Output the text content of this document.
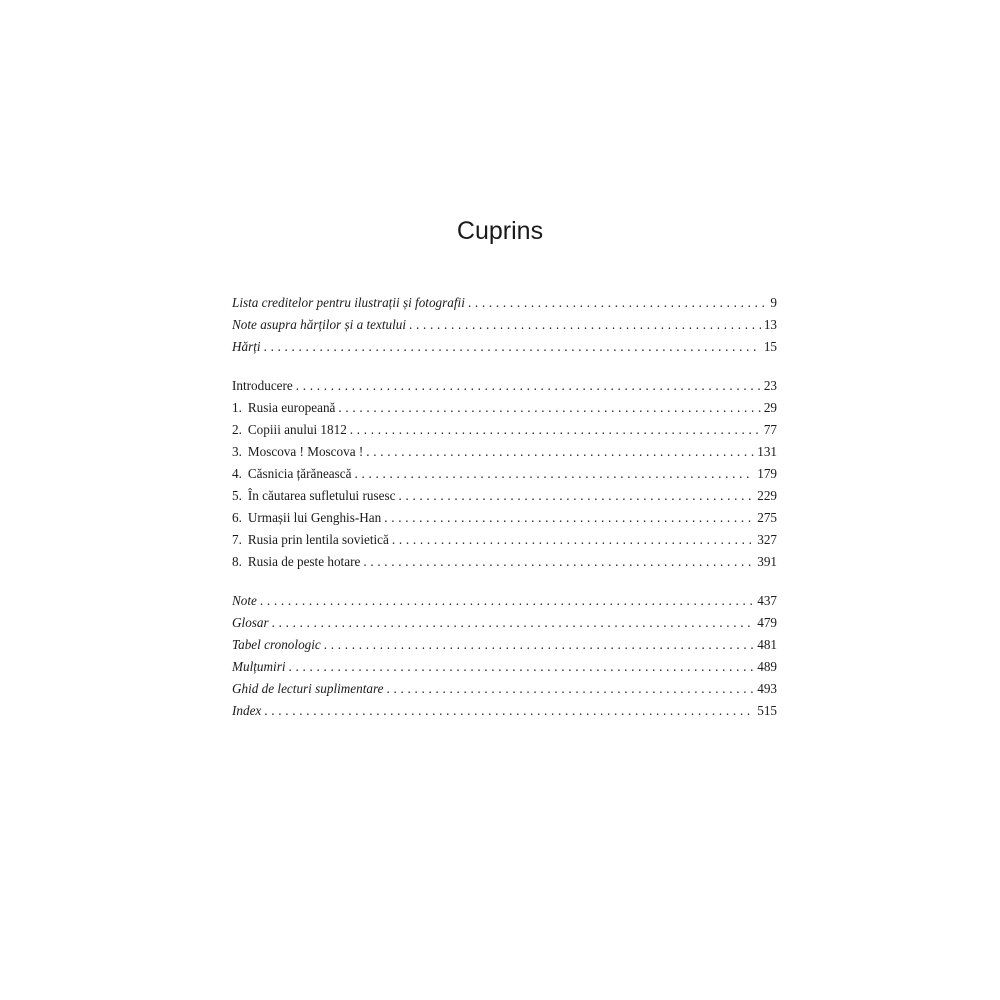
Cuprins
Lista creditelor pentru ilustrații și fotografii . . .	9
Note asupra hărților și a textului . . .	13
Hărți . . .	15
Introducere . . .	23
1. Rusia europeană . . .	29
2. Copiii anului 1812 . . .	77
3. Moscova ! Moscova ! . . .	131
4. Căsnicia țărănească . . .	179
5. În căutarea sufletului rusesc . . .	229
6. Urmașii lui Genghis-Han . . .	275
7. Rusia prin lentila sovietică . . .	327
8. Rusia de peste hotare . . .	391
Note . . .	437
Glosar . . .	479
Tabel cronologic . . .	481
Mulțumiri . . .	489
Ghid de lecturi suplimentare . . .	493
Index . . .	515
